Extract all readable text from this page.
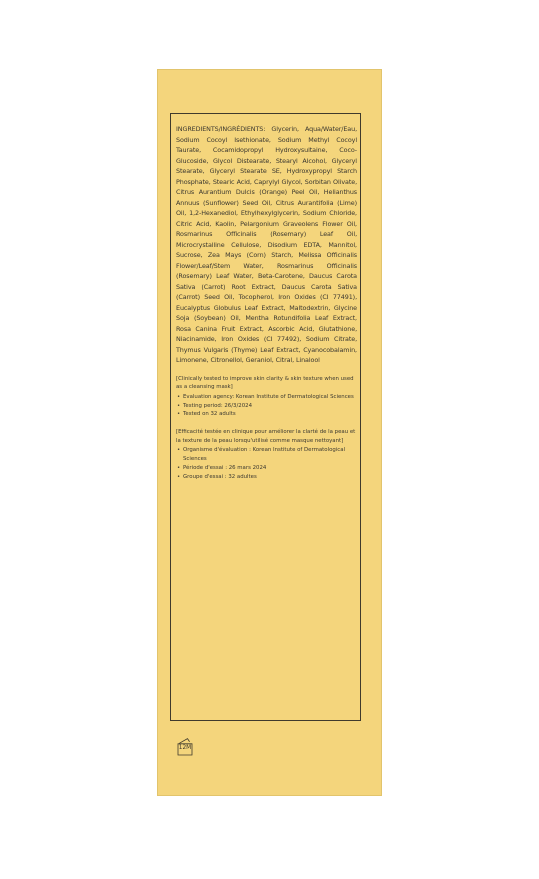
INGREDIENTS/INGRÉDIENTS: Glycerin, Aqua/Water/Eau, Sodium Cocoyl Isethionate, Sodium Methyl Cocoyl Taurate, Cocamidopropyl Hydroxysultaine, Coco-Glucoside, Glycol Distearate, Stearyl Alcohol, Glyceryl Stearate, Glyceryl Stearate SE, Hydroxypropyl Starch Phosphate, Stearic Acid, Caprylyl Glycol, Sorbitan Olivate, Citrus Aurantium Dulcis (Orange) Peel Oil, Helianthus Annuus (Sunflower) Seed Oil, Citrus Aurantifolia (Lime) Oil, 1,2-Hexanediol, Ethylhexylglycerin, Sodium Chloride, Citric Acid, Kaolin, Pelargonium Graveolens Flower Oil, Rosmarinus Officinalis (Rosemary) Leaf Oil, Microcrystalline Cellulose, Disodium EDTA, Mannitol, Sucrose, Zea Mays (Corn) Starch, Melissa Officinalis Flower/Leaf/Stem Water, Rosmarinus Officinalis (Rosemary) Leaf Water, Beta-Carotene, Daucus Carota Sativa (Carrot) Root Extract, Daucus Carota Sativa (Carrot) Seed Oil, Tocopherol, Iron Oxides (CI 77491), Eucalyptus Globulus Leaf Extract, Maltodextrin, Glycine Soja (Soybean) Oil, Mentha Rotundifolia Leaf Extract, Rosa Canina Fruit Extract, Ascorbic Acid, Glutathione, Niacinamide, Iron Oxides (CI 77492), Sodium Citrate, Thymus Vulgaris (Thyme) Leaf Extract, Cyanocobalamin, Limonene, Citronellol, Geraniol, Citral, Linalool

[Clinically tested to improve skin clarity & skin texture when used as a cleansing mask]

• Evaluation agency: Korean Institute of Dermatological Sciences
• Testing period: 26/3/2024
• Tested on 32 adults

[Efficacité testée en clinique pour améliorer la clarté de la peau et la texture de la peau lorsqu'utilisé comme masque nettoyant]

• Organisme d'évaluation : Korean Institute of Dermatological Sciences
• Période d'essai : 26 mars 2024
• Groupe d'essai : 32 adultes
12M
